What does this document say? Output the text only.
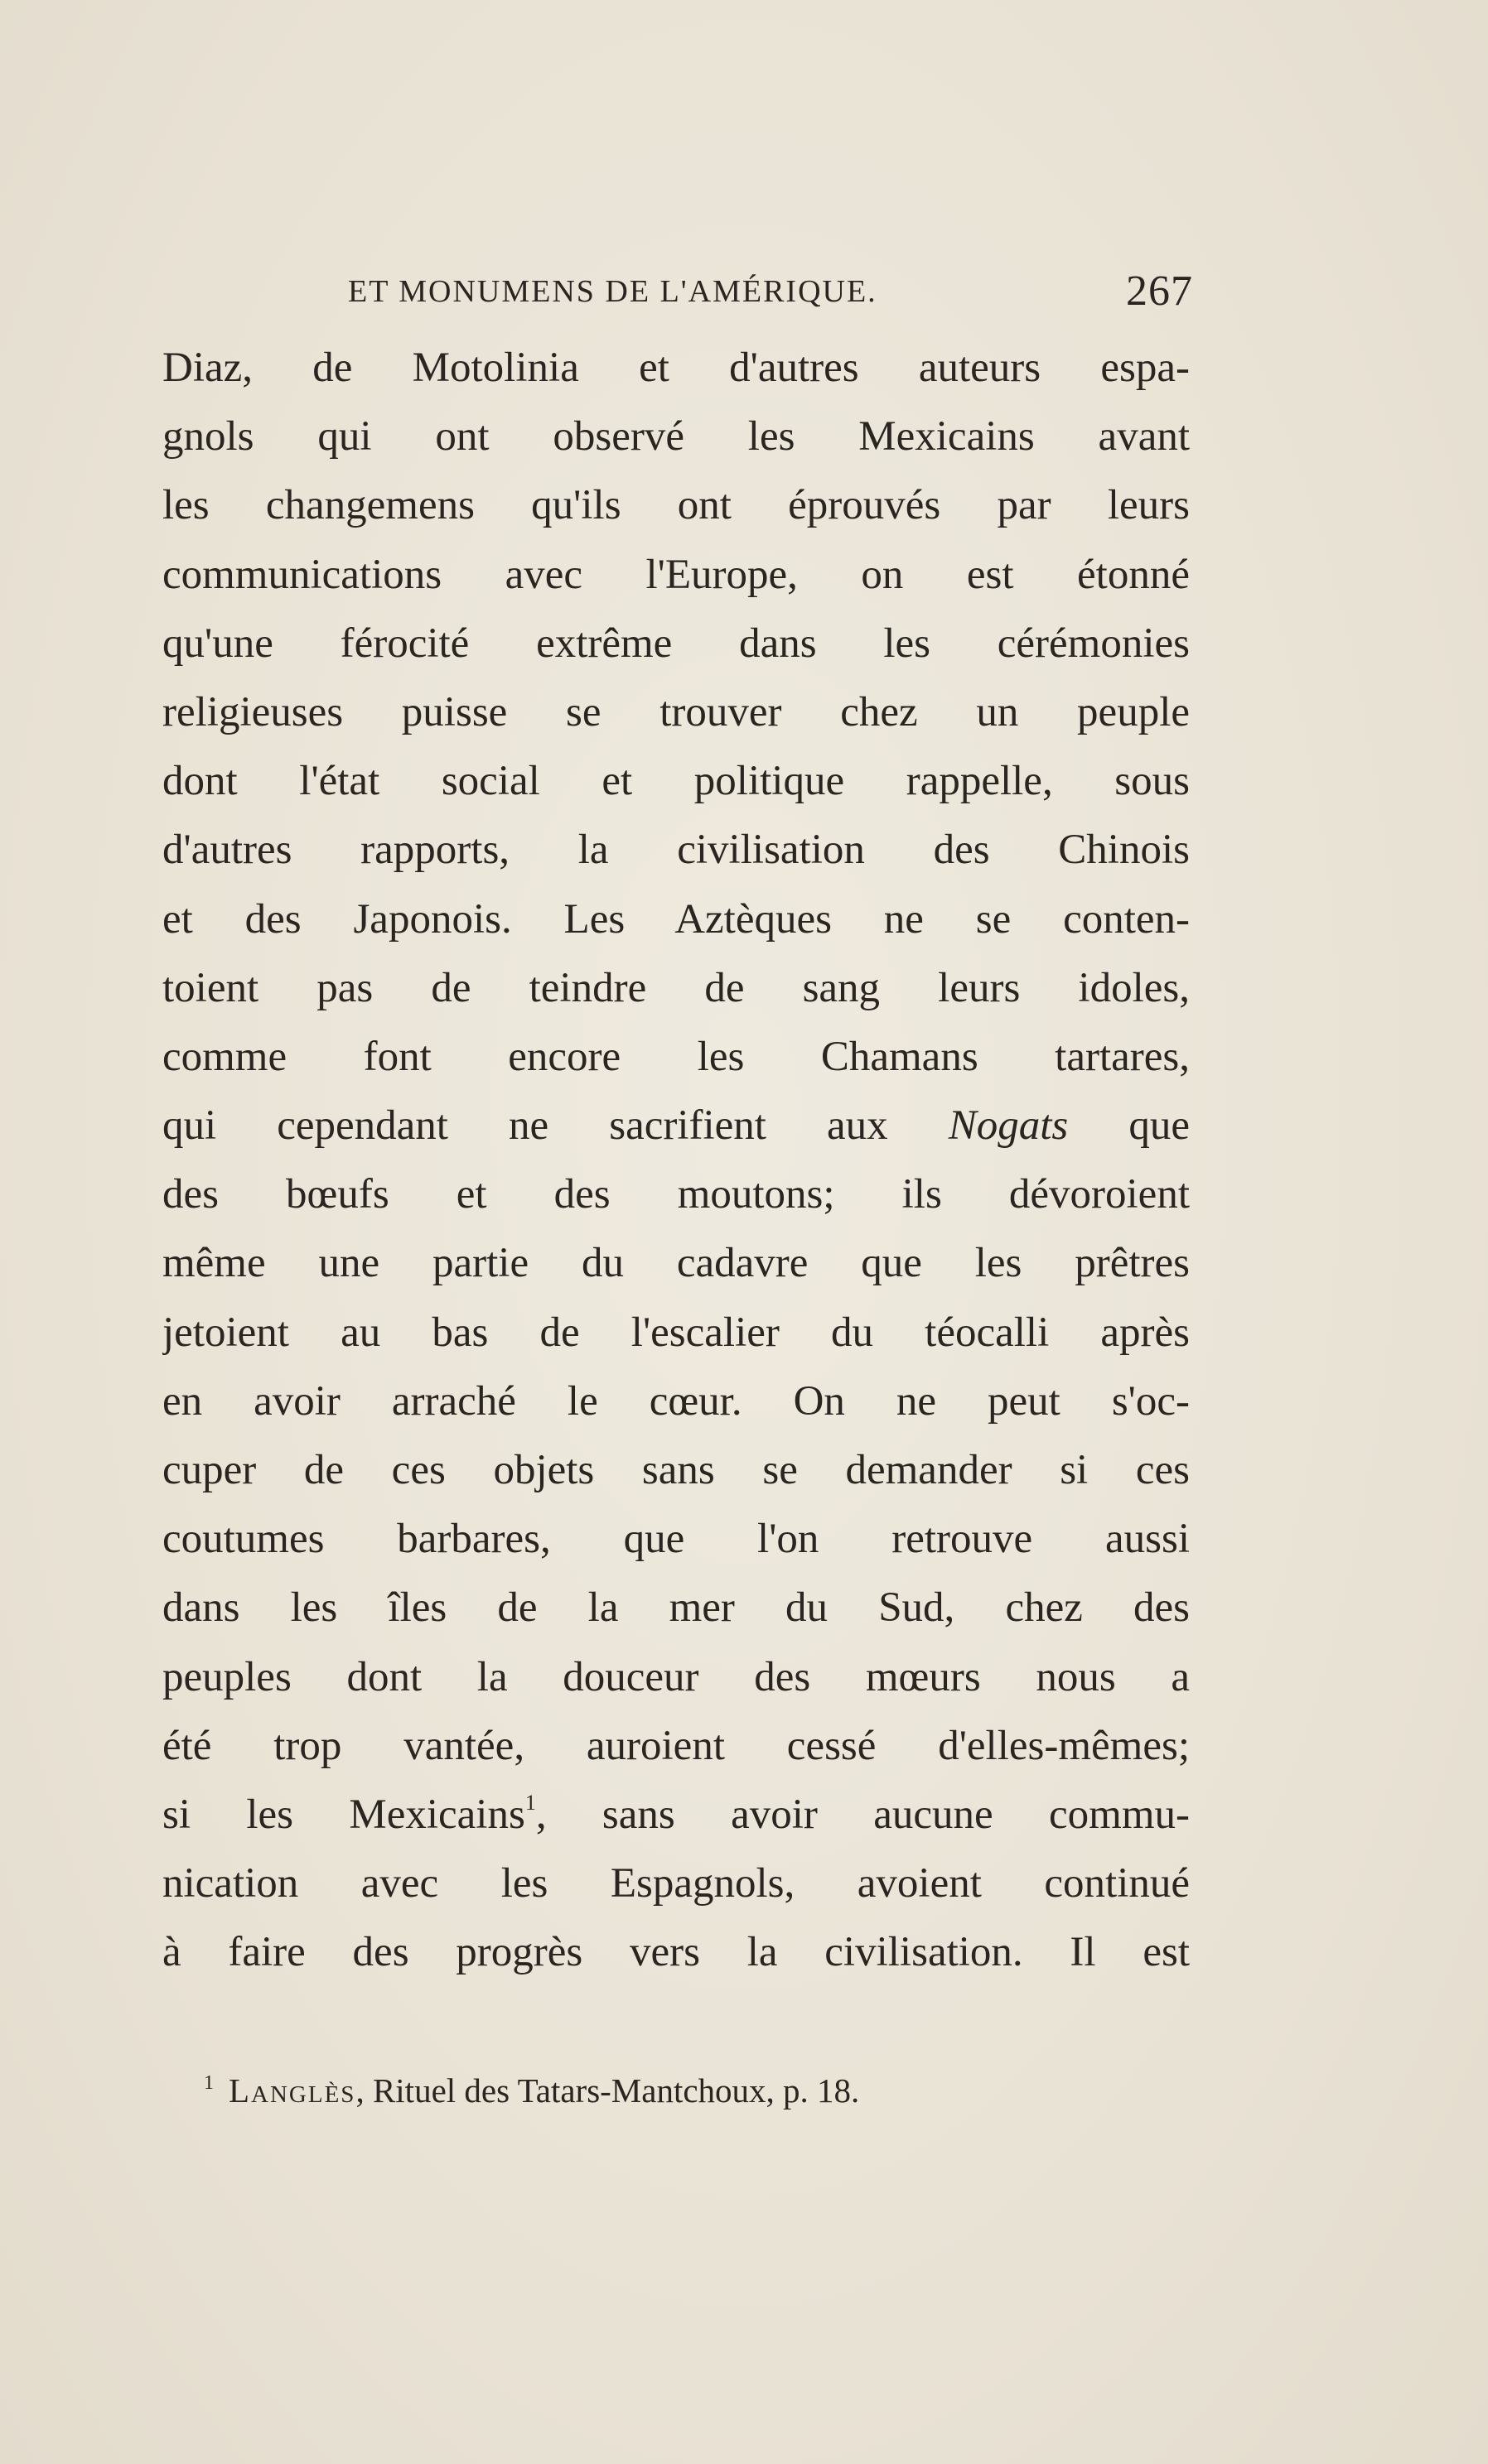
ET MONUMENS DE L'AMÉRIQUE.	267
Diaz, de Motolinia et d'autres auteurs espa-
gnols qui ont observé les Mexicains avant
les changemens qu'ils ont éprouvés par leurs
communications avec l'Europe, on est étonné
qu'une férocité extrême dans les cérémonies
religieuses puisse se trouver chez un peuple
dont l'état social et politique rappelle, sous
d'autres rapports, la civilisation des Chinois
et des Japonois. Les Aztèques ne se conten-
toient pas de teindre de sang leurs idoles,
comme font encore les Chamans tartares,
qui cependant ne sacrifient aux Nogats que
des bœufs et des moutons; ils dévoroient
même une partie du cadavre que les prêtres
jetoient au bas de l'escalier du téocalli après
en avoir arraché le cœur. On ne peut s'oc-
cuper de ces objets sans se demander si ces
coutumes barbares, que l'on retrouve aussi
dans les îles de la mer du Sud, chez des
peuples dont la douceur des mœurs nous a
été trop vantée, auroient cessé d'elles-mêmes;
si les Mexicains$^1$, sans avoir aucune commu-
nication avec les Espagnols, avoient continué
à faire des progrès vers la civilisation. Il est
$^1$ Langlès, Rituel des Tatars-Mantchoux, p. 18.
